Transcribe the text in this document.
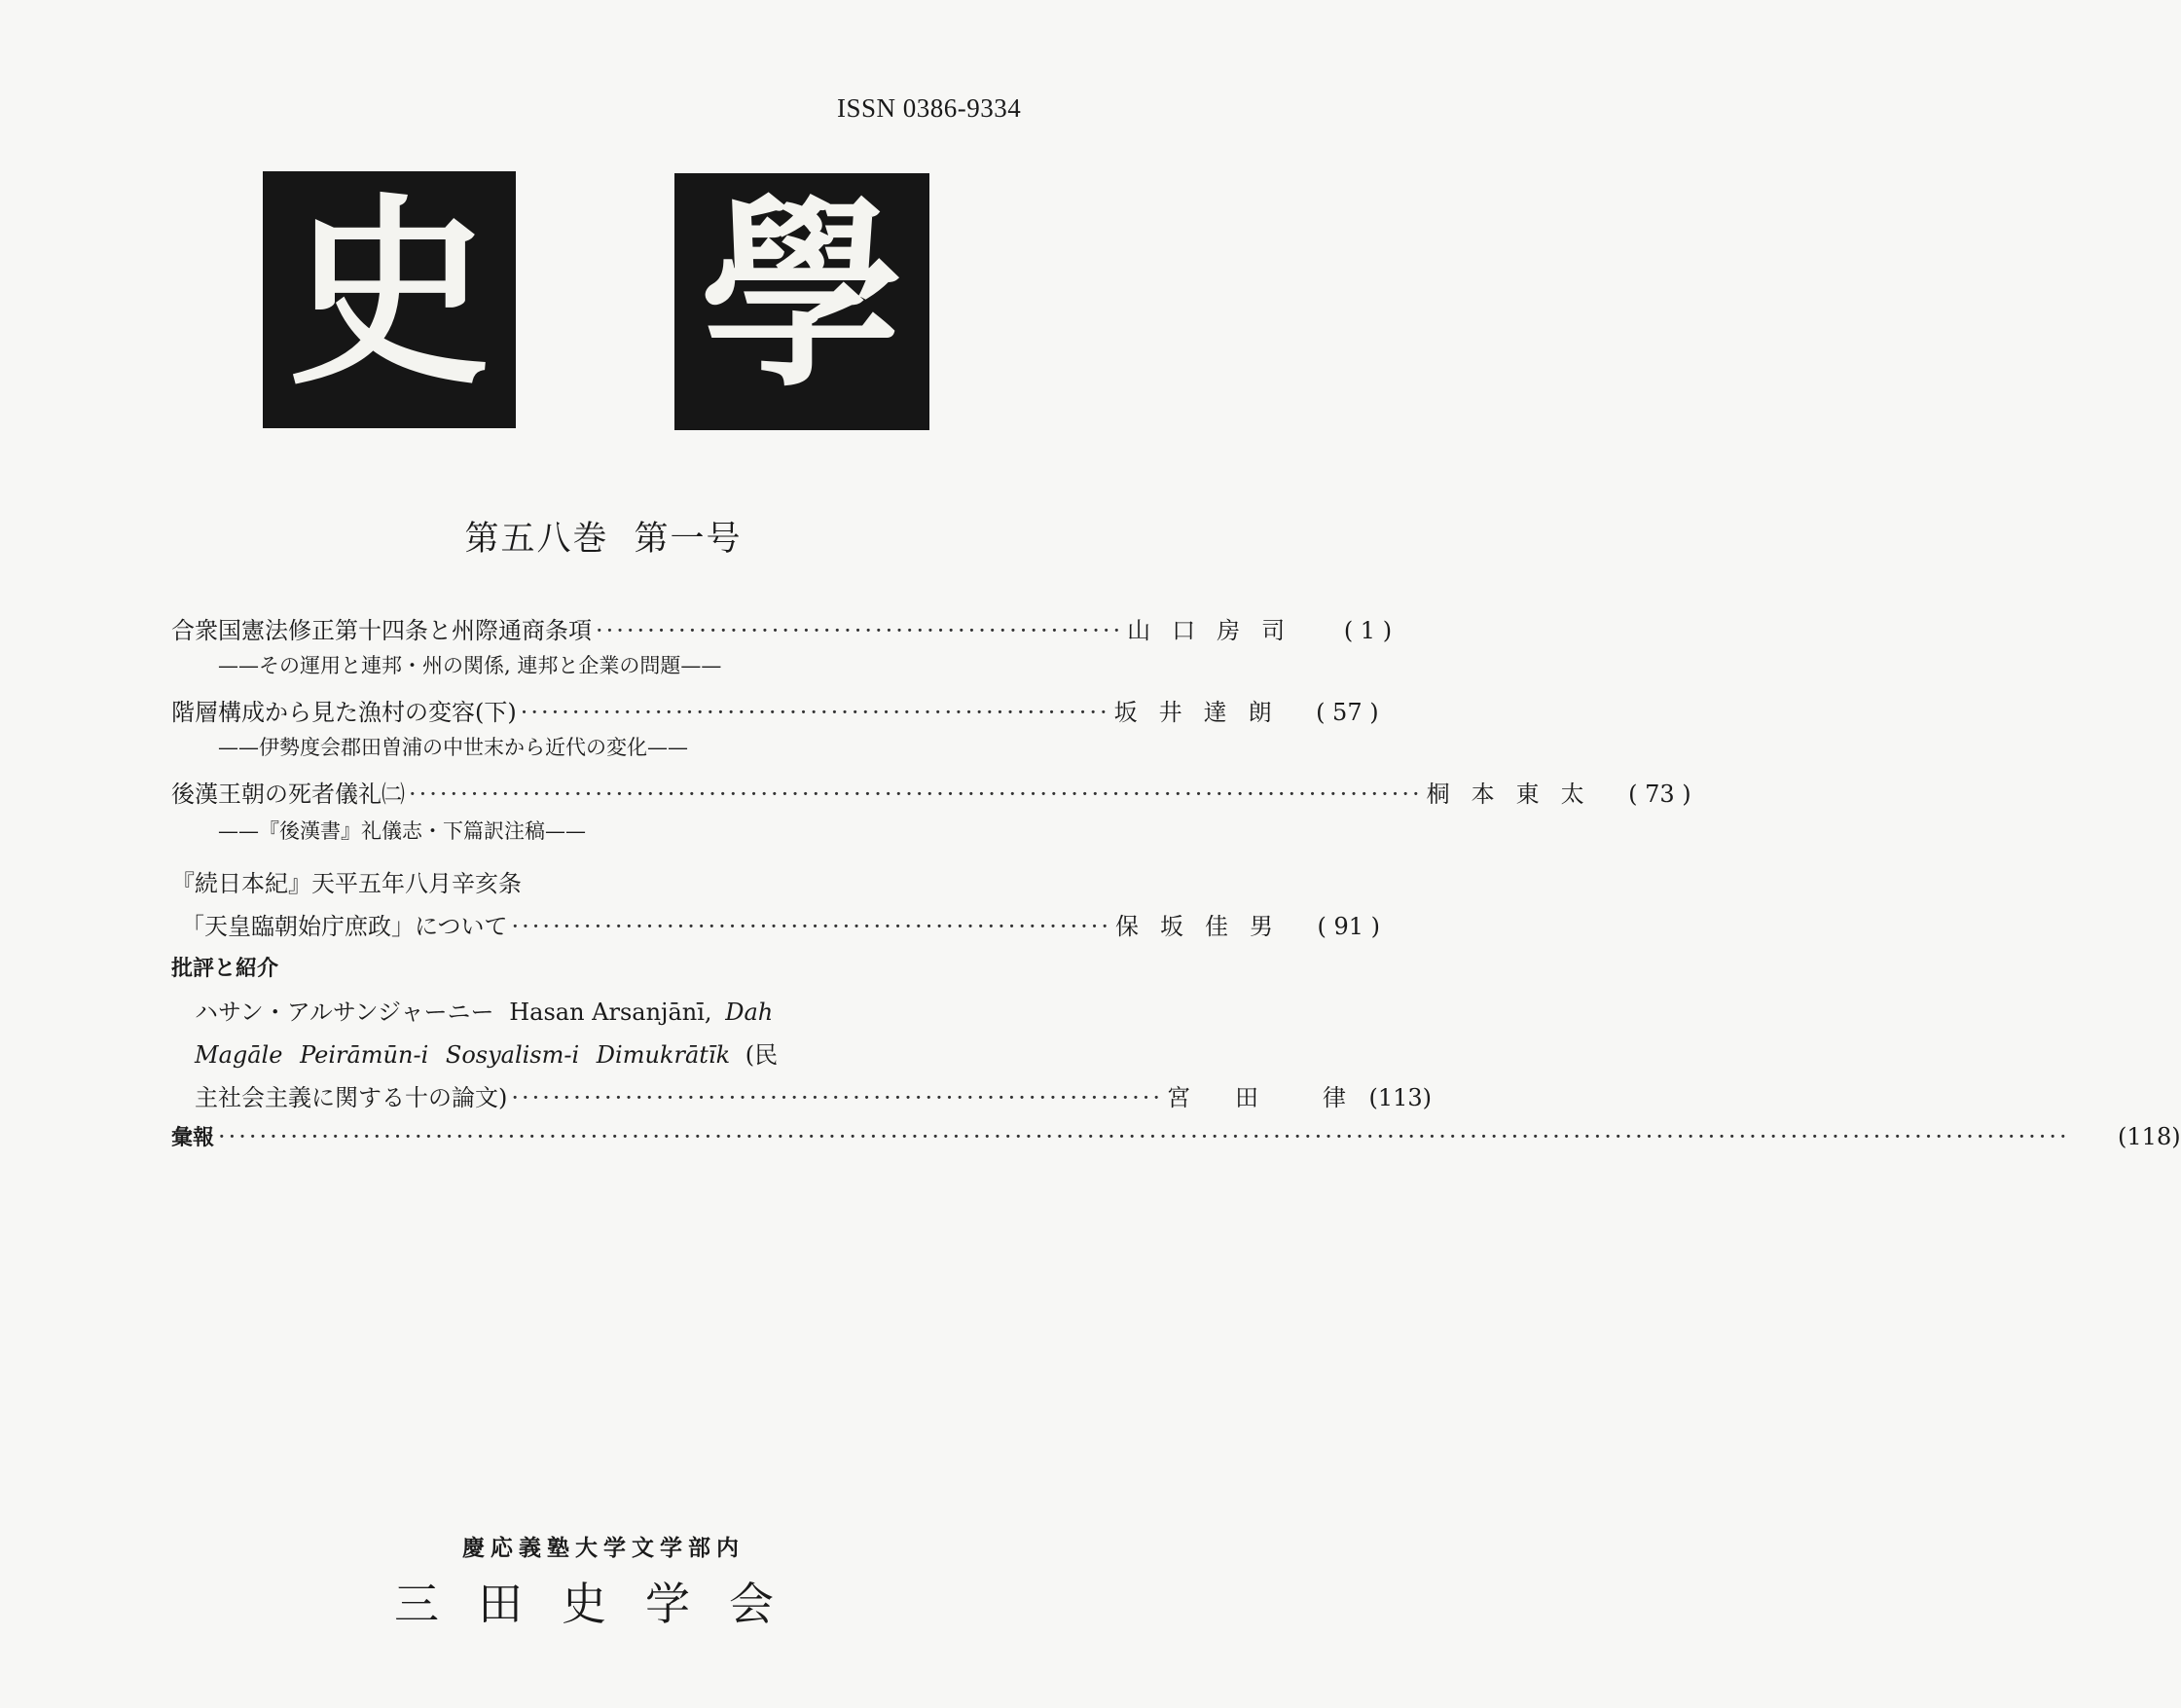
ISSN 0386-9334
史 學
第五八巻 第一号
合衆国憲法修正第十四条と州際通商条項 ··················································· 山 口 房 司	( 1 )
——その運用と連邦・州の関係, 連邦と企業の問題——
階層構成から見た漁村の変容(下) ························································· 坂 井 達 朗	( 57 )
——伊勢度会郡田曽浦の中世末から近代の変化——
後漢王朝の死者儀礼㈡ ·································································································· 桐 本 東 太	( 73 )
——『後漢書』礼儀志・下篇訳注稿——
『続日本紀』天平五年八月辛亥条
「天皇臨朝始庁庶政」について ·························································· 保 坂 佳 男	( 91 )
批評と紹介
ハサン・アルサンジャーニー Hasan Arsanjānī, Dah
Magāle Peirāmūn-i Sosyalism-i Dimukrātīk (民
主社会主義に関する十の論文) ······························································· 宮 田	律 (113)
彙報 ···················································································································································································	(118)
慶応義塾大学文学部内
三田史学会
